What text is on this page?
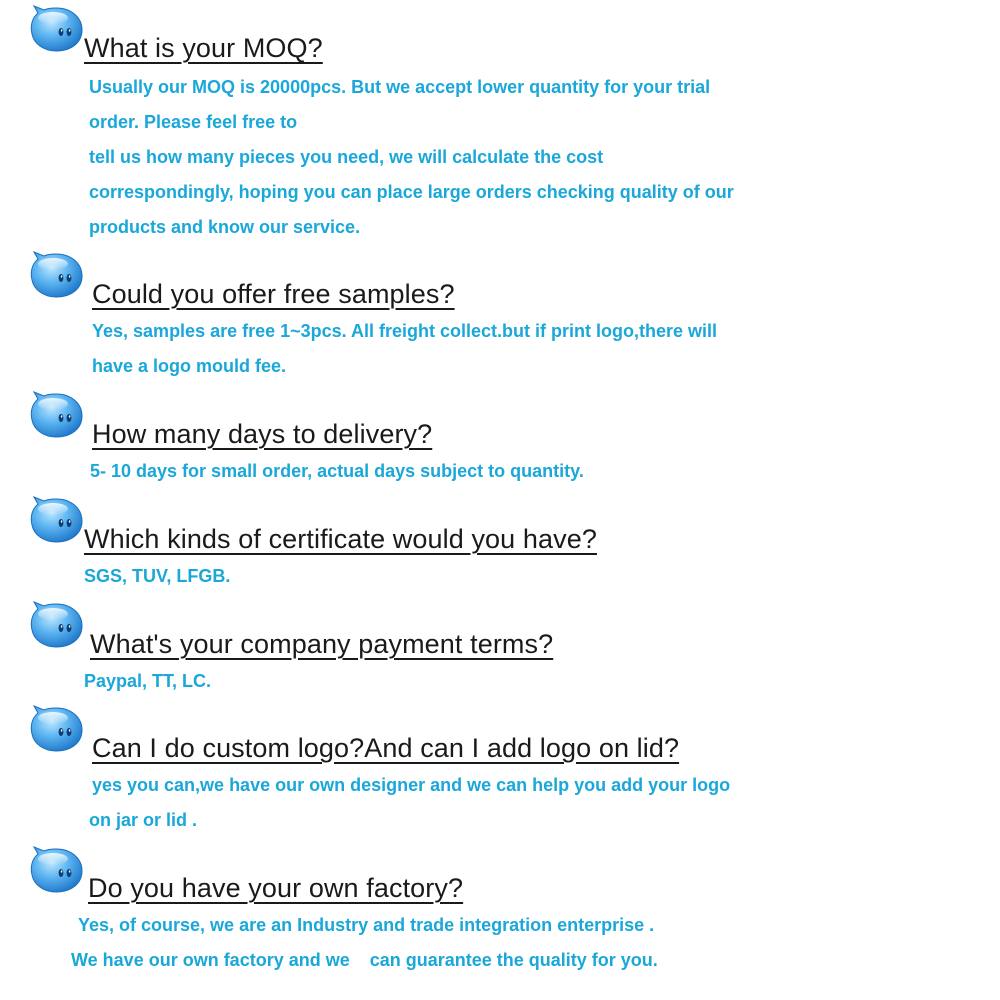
What is your MOQ?

Usually our MOQ is 20000pcs. But we accept lower quantity for your trial
order. Please feel free to
tell us how many pieces you need, we will calculate the cost
correspondingly, hoping you can place large orders checking quality of our
products and know our service.

Could you offer free samples?

Yes, samples are free 1~3pcs. All freight collect.but if print logo,there will
have a logo mould fee.

How many days to delivery?

5- 10 days for small order, actual days subject to quantity.

Which kinds of certificate would you have?

SGS, TUV, LFGB.

What's your company payment terms?

Paypal, TT, LC.

Can I do custom logo?And can I add logo on lid?

yes you can,we have our own designer and we can help you add your logo
on jar or lid .

Do you have your own factory?

Yes, of course, we are an Industry and trade integration enterprise .
We have our own factory and we    can guarantee the quality for you.
